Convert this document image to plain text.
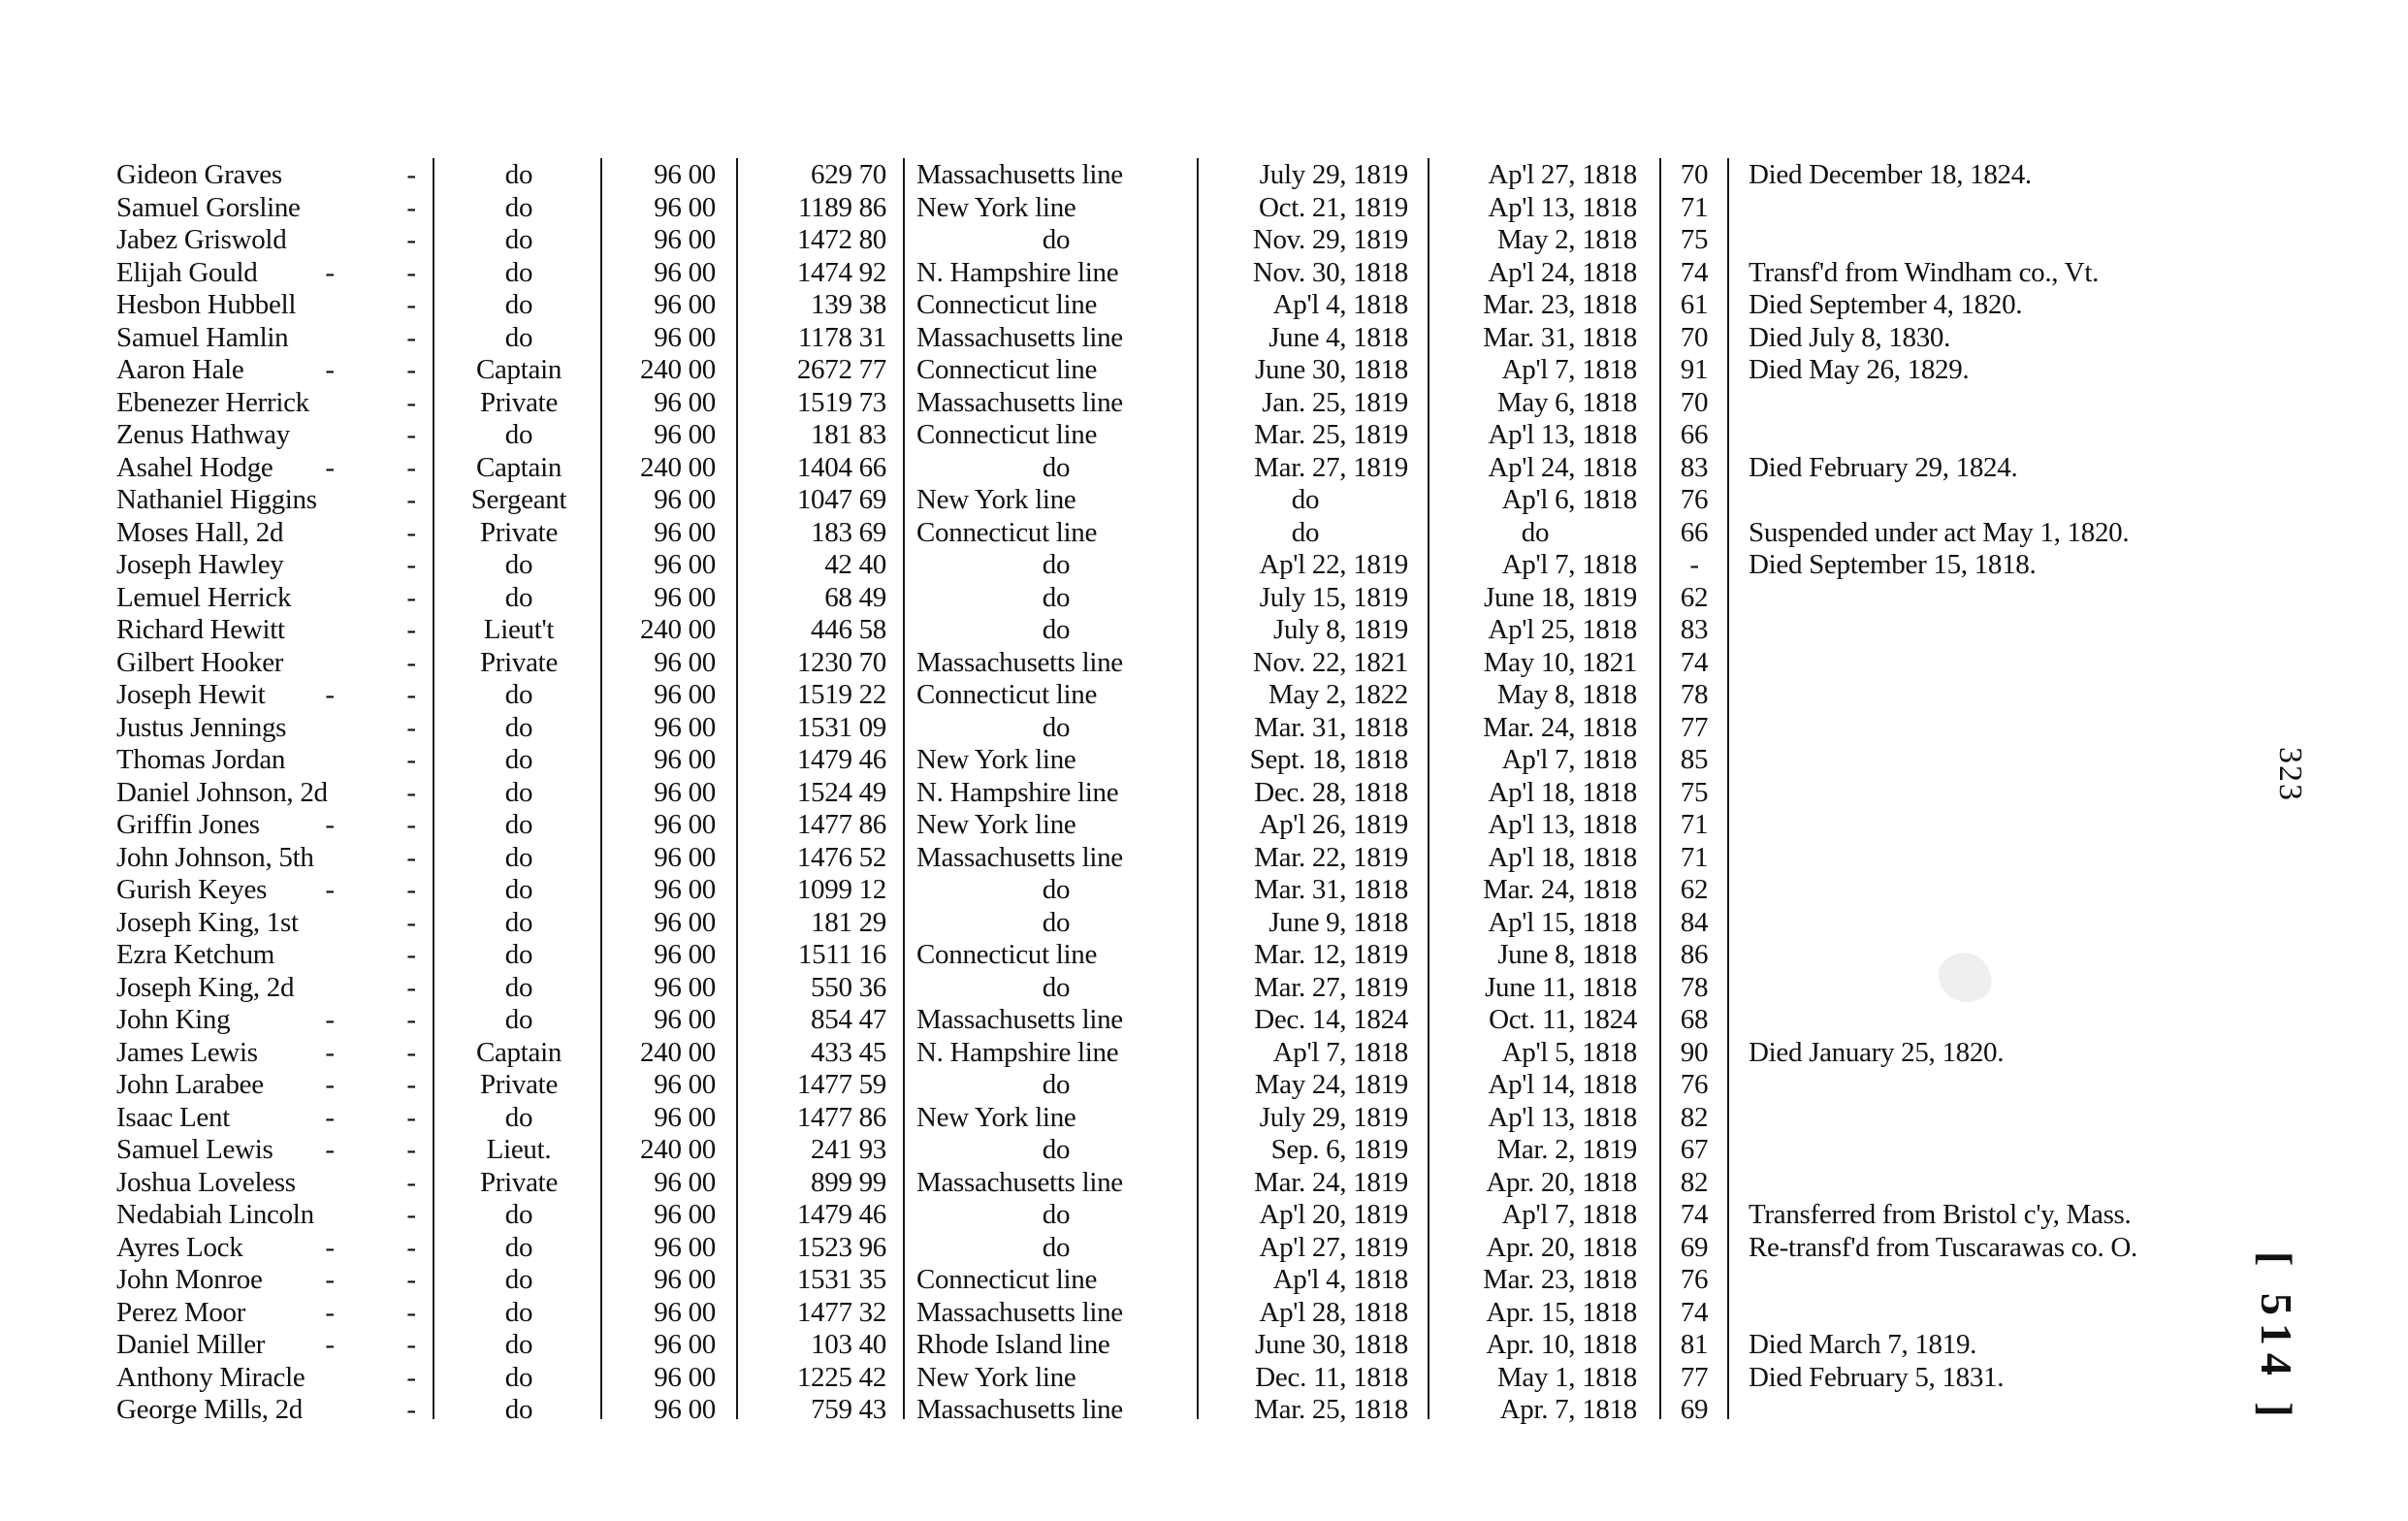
Gideon Graves	-	do	96 00	629 70 Massachusetts line	July 29, 1819	Ap'l 27, 1818	70	Died December 18, 1824.
Samuel Gorsline	-	do	96 00	1189 86 New York line	Oct. 21, 1819	Ap'l 13, 1818	71
Jabez Griswold	-	do	96 00	1472 80	do	Nov. 29, 1819	May 2, 1818	75
Elijah Gould	-	-	do	96 00	1474 92 N. Hampshire line	Nov. 30, 1818	Ap'l 24, 1818	74	Transf'd from Windham co., Vt.
Hesbon Hubbell	-	do	96 00	139 38 Connecticut line	Ap'l 4, 1818	Mar. 23, 1818	61	Died September 4, 1820.
Samuel Hamlin	-	do	96 00	1178 31 Massachusetts line	June 4, 1818	Mar. 31, 1818	70	Died July 8, 1830.
Aaron Hale	-	-	Captain	240 00	2672 77 Connecticut line	June 30, 1818	Ap'l 7, 1818	91	Died May 26, 1829.
Ebenezer Herrick	-	Private	96 00	1519 73 Massachusetts line	Jan. 25, 1819	May 6, 1818	70
Zenus Hathway	-	do	96 00	181 83 Connecticut line	Mar. 25, 1819	Ap'l 13, 1818	66
Asahel Hodge	-	-	Captain	240 00	1404 66	do	Mar. 27, 1819	Ap'l 24, 1818	83	Died February 29, 1824.
Nathaniel Higgins	-	Sergeant	96 00	1047 69 New York line	do	Ap'l 6, 1818	76
Moses Hall, 2d	-	Private	96 00	183 69 Connecticut line	do	do	66	Suspended under act May 1, 1820.
Joseph Hawley	-	do	96 00	42 40	do	Ap'l 22, 1819	Ap'l 7, 1818	-	Died September 15, 1818.
Lemuel Herrick	-	do	96 00	68 49	do	July 15, 1819	June 18, 1819	62
Richard Hewitt	-	Lieut't	240 00	446 58	do	July 8, 1819	Ap'l 25, 1818	83
Gilbert Hooker	-	Private	96 00	1230 70 Massachusetts line	Nov. 22, 1821	May 10, 1821	74
Joseph Hewit	-	-	do	96 00	1519 22 Connecticut line	May 2, 1822	May 8, 1818	78
Justus Jennings	-	do	96 00	1531 09	do	Mar. 31, 1818	Mar. 24, 1818	77
Thomas Jordan	-	do	96 00	1479 46 New York line	Sept. 18, 1818	Ap'l 7, 1818	85
Daniel Johnson, 2d	-	do	96 00	1524 49 N. Hampshire line	Dec. 28, 1818	Ap'l 18, 1818	75
Griffin Jones	-	-	do	96 00	1477 86 New York line	Ap'l 26, 1819	Ap'l 13, 1818	71
John Johnson, 5th	-	do	96 00	1476 52 Massachusetts line	Mar. 22, 1819	Ap'l 18, 1818	71
Gurish Keyes	-	-	do	96 00	1099 12	do	Mar. 31, 1818	Mar. 24, 1818	62
Joseph King, 1st	-	do	96 00	181 29	do	June 9, 1818	Ap'l 15, 1818	84
Ezra Ketchum	-	do	96 00	1511 16 Connecticut line	Mar. 12, 1819	June 8, 1818	86
Joseph King, 2d	-	do	96 00	550 36	do	Mar. 27, 1819	June 11, 1818	78
John King	-	-	do	96 00	854 47 Massachusetts line	Dec. 14, 1824	Oct. 11, 1824	68
James Lewis	-	-	Captain	240 00	433 45 N. Hampshire line	Ap'l 7, 1818	Ap'l 5, 1818	90	Died January 25, 1820.
John Larabee	-	-	Private	96 00	1477 59	do	May 24, 1819	Ap'l 14, 1818	76
Isaac Lent	-	-	do	96 00	1477 86 New York line	July 29, 1819	Ap'l 13, 1818	82
Samuel Lewis	-	-	Lieut.	240 00	241 93	do	Sep. 6, 1819	Mar. 2, 1819	67
Joshua Loveless	-	Private	96 00	899 99 Massachusetts line	Mar. 24, 1819	Apr. 20, 1818	82
Nedabiah Lincoln	-	do	96 00	1479 46	do	Ap'l 20, 1819	Ap'l 7, 1818	74	Transferred from Bristol c'y, Mass.
Ayres Lock	-	-	do	96 00	1523 96	do	Ap'l 27, 1819	Apr. 20, 1818	69	Re-transf'd from Tuscarawas co. O.
John Monroe	-	-	do	96 00	1531 35 Connecticut line	Ap'l 4, 1818	Mar. 23, 1818	76
Perez Moor	-	-	do	96 00	1477 32 Massachusetts line	Ap'l 28, 1818	Apr. 15, 1818	74
Daniel Miller	-	-	do	96 00	103 40 Rhode Island line	June 30, 1818	Apr. 10, 1818	81	Died March 7, 1819.
Anthony Miracle	-	do	96 00	1225 42 New York line	Dec. 11, 1818	May 1, 1818	77	Died February 5, 1831.
George Mills, 2d	-	do	96 00	759 43 Massachusetts line	Mar. 25, 1818	Apr. 7, 1818	69
323
[ 514 ]
